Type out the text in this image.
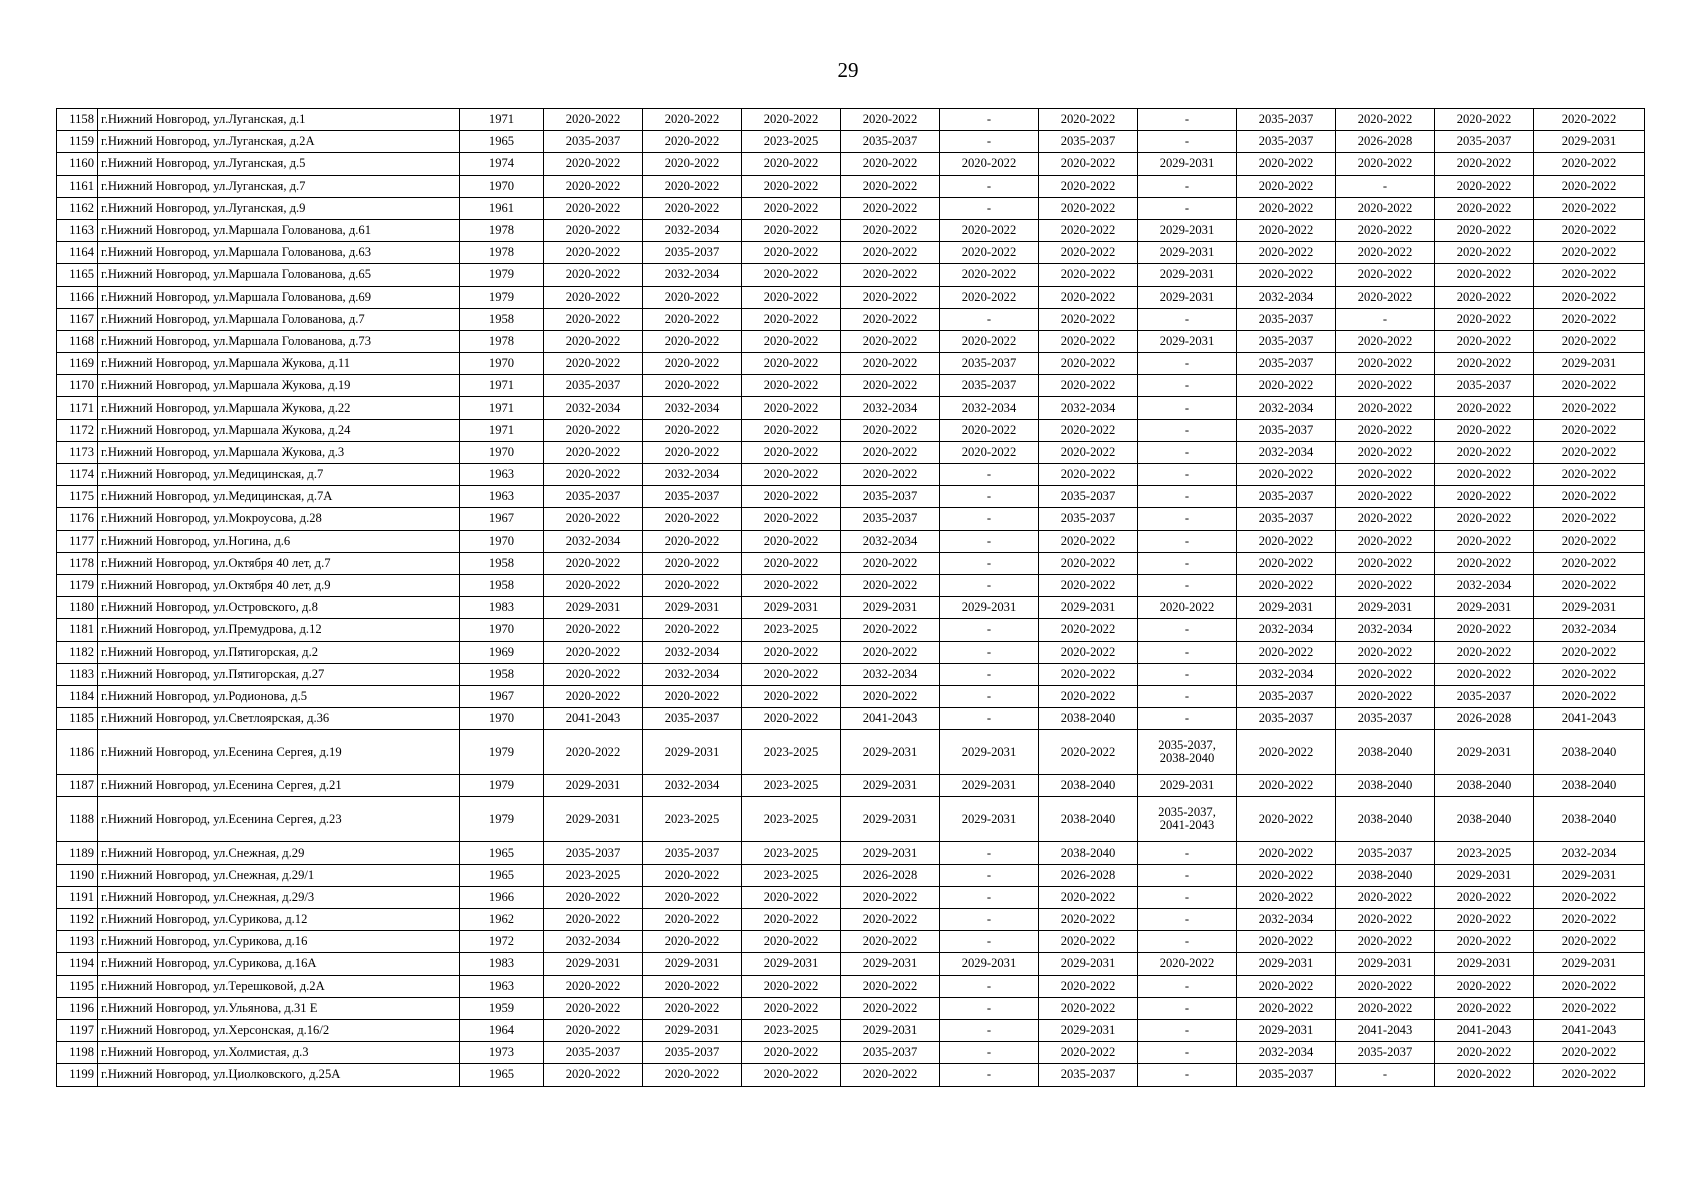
29
1158	г.Нижний Новгород, ул.Луганская, д.1	1971	2020-2022	2020-2022	2020-2022	2020-2022	-	2020-2022	-	2035-2037	2020-2022	2020-2022	2020-2022
1159	г.Нижний Новгород, ул.Луганская, д.2А	1965	2035-2037	2020-2022	2023-2025	2035-2037	-	2035-2037	-	2035-2037	2026-2028	2035-2037	2029-2031
1160	г.Нижний Новгород, ул.Луганская, д.5	1974	2020-2022	2020-2022	2020-2022	2020-2022	2020-2022	2020-2022	2029-2031	2020-2022	2020-2022	2020-2022	2020-2022
1161	г.Нижний Новгород, ул.Луганская, д.7	1970	2020-2022	2020-2022	2020-2022	2020-2022	-	2020-2022	-	2020-2022	-	2020-2022	2020-2022
1162	г.Нижний Новгород, ул.Луганская, д.9	1961	2020-2022	2020-2022	2020-2022	2020-2022	-	2020-2022	-	2020-2022	2020-2022	2020-2022	2020-2022
1163	г.Нижний Новгород, ул.Маршала Голованова, д.61	1978	2020-2022	2032-2034	2020-2022	2020-2022	2020-2022	2020-2022	2029-2031	2020-2022	2020-2022	2020-2022	2020-2022
1164	г.Нижний Новгород, ул.Маршала Голованова, д.63	1978	2020-2022	2035-2037	2020-2022	2020-2022	2020-2022	2020-2022	2029-2031	2020-2022	2020-2022	2020-2022	2020-2022
1165	г.Нижний Новгород, ул.Маршала Голованова, д.65	1979	2020-2022	2032-2034	2020-2022	2020-2022	2020-2022	2020-2022	2029-2031	2020-2022	2020-2022	2020-2022	2020-2022
1166	г.Нижний Новгород, ул.Маршала Голованова, д.69	1979	2020-2022	2020-2022	2020-2022	2020-2022	2020-2022	2020-2022	2029-2031	2032-2034	2020-2022	2020-2022	2020-2022
1167	г.Нижний Новгород, ул.Маршала Голованова, д.7	1958	2020-2022	2020-2022	2020-2022	2020-2022	-	2020-2022	-	2035-2037	-	2020-2022	2020-2022
1168	г.Нижний Новгород, ул.Маршала Голованова, д.73	1978	2020-2022	2020-2022	2020-2022	2020-2022	2020-2022	2020-2022	2029-2031	2035-2037	2020-2022	2020-2022	2020-2022
1169	г.Нижний Новгород, ул.Маршала Жукова, д.11	1970	2020-2022	2020-2022	2020-2022	2020-2022	2035-2037	2020-2022	-	2035-2037	2020-2022	2020-2022	2029-2031
1170	г.Нижний Новгород, ул.Маршала Жукова, д.19	1971	2035-2037	2020-2022	2020-2022	2020-2022	2035-2037	2020-2022	-	2020-2022	2020-2022	2035-2037	2020-2022
1171	г.Нижний Новгород, ул.Маршала Жукова, д.22	1971	2032-2034	2032-2034	2020-2022	2032-2034	2032-2034	2032-2034	-	2032-2034	2020-2022	2020-2022	2020-2022
1172	г.Нижний Новгород, ул.Маршала Жукова, д.24	1971	2020-2022	2020-2022	2020-2022	2020-2022	2020-2022	2020-2022	-	2035-2037	2020-2022	2020-2022	2020-2022
1173	г.Нижний Новгород, ул.Маршала Жукова, д.3	1970	2020-2022	2020-2022	2020-2022	2020-2022	2020-2022	2020-2022	-	2032-2034	2020-2022	2020-2022	2020-2022
1174	г.Нижний Новгород, ул.Медицинская, д.7	1963	2020-2022	2032-2034	2020-2022	2020-2022	-	2020-2022	-	2020-2022	2020-2022	2020-2022	2020-2022
1175	г.Нижний Новгород, ул.Медицинская, д.7А	1963	2035-2037	2035-2037	2020-2022	2035-2037	-	2035-2037	-	2035-2037	2020-2022	2020-2022	2020-2022
1176	г.Нижний Новгород, ул.Мокроусова, д.28	1967	2020-2022	2020-2022	2020-2022	2035-2037	-	2035-2037	-	2035-2037	2020-2022	2020-2022	2020-2022
1177	г.Нижний Новгород, ул.Ногина, д.6	1970	2032-2034	2020-2022	2020-2022	2032-2034	-	2020-2022	-	2020-2022	2020-2022	2020-2022	2020-2022
1178	г.Нижний Новгород, ул.Октября 40 лет, д.7	1958	2020-2022	2020-2022	2020-2022	2020-2022	-	2020-2022	-	2020-2022	2020-2022	2020-2022	2020-2022
1179	г.Нижний Новгород, ул.Октября 40 лет, д.9	1958	2020-2022	2020-2022	2020-2022	2020-2022	-	2020-2022	-	2020-2022	2020-2022	2032-2034	2020-2022
1180	г.Нижний Новгород, ул.Островского, д.8	1983	2029-2031	2029-2031	2029-2031	2029-2031	2029-2031	2029-2031	2020-2022	2029-2031	2029-2031	2029-2031	2029-2031
1181	г.Нижний Новгород, ул.Премудрова, д.12	1970	2020-2022	2020-2022	2023-2025	2020-2022	-	2020-2022	-	2032-2034	2032-2034	2020-2022	2032-2034
1182	г.Нижний Новгород, ул.Пятигорская, д.2	1969	2020-2022	2032-2034	2020-2022	2020-2022	-	2020-2022	-	2020-2022	2020-2022	2020-2022	2020-2022
1183	г.Нижний Новгород, ул.Пятигорская, д.27	1958	2020-2022	2032-2034	2020-2022	2032-2034	-	2020-2022	-	2032-2034	2020-2022	2020-2022	2020-2022
1184	г.Нижний Новгород, ул.Родионова, д.5	1967	2020-2022	2020-2022	2020-2022	2020-2022	-	2020-2022	-	2035-2037	2020-2022	2035-2037	2020-2022
1185	г.Нижний Новгород, ул.Светлоярская, д.36	1970	2041-2043	2035-2037	2020-2022	2041-2043	-	2038-2040	-	2035-2037	2035-2037	2026-2028	2041-2043
1186	г.Нижний Новгород, ул.Есенина Сергея, д.19	1979	2020-2022	2029-2031	2023-2025	2029-2031	2029-2031	2020-2022	2035-2037,
2038-2040	2020-2022	2038-2040	2029-2031	2038-2040
1187	г.Нижний Новгород, ул.Есенина Сергея, д.21	1979	2029-2031	2032-2034	2023-2025	2029-2031	2029-2031	2038-2040	2029-2031	2020-2022	2038-2040	2038-2040	2038-2040
1188	г.Нижний Новгород, ул.Есенина Сергея, д.23	1979	2029-2031	2023-2025	2023-2025	2029-2031	2029-2031	2038-2040	2035-2037,
2041-2043	2020-2022	2038-2040	2038-2040	2038-2040
1189	г.Нижний Новгород, ул.Снежная, д.29	1965	2035-2037	2035-2037	2023-2025	2029-2031	-	2038-2040	-	2020-2022	2035-2037	2023-2025	2032-2034
1190	г.Нижний Новгород, ул.Снежная, д.29/1	1965	2023-2025	2020-2022	2023-2025	2026-2028	-	2026-2028	-	2020-2022	2038-2040	2029-2031	2029-2031
1191	г.Нижний Новгород, ул.Снежная, д.29/3	1966	2020-2022	2020-2022	2020-2022	2020-2022	-	2020-2022	-	2020-2022	2020-2022	2020-2022	2020-2022
1192	г.Нижний Новгород, ул.Сурикова, д.12	1962	2020-2022	2020-2022	2020-2022	2020-2022	-	2020-2022	-	2032-2034	2020-2022	2020-2022	2020-2022
1193	г.Нижний Новгород, ул.Сурикова, д.16	1972	2032-2034	2020-2022	2020-2022	2020-2022	-	2020-2022	-	2020-2022	2020-2022	2020-2022	2020-2022
1194	г.Нижний Новгород, ул.Сурикова, д.16А	1983	2029-2031	2029-2031	2029-2031	2029-2031	2029-2031	2029-2031	2020-2022	2029-2031	2029-2031	2029-2031	2029-2031
1195	г.Нижний Новгород, ул.Терешковой, д.2А	1963	2020-2022	2020-2022	2020-2022	2020-2022	-	2020-2022	-	2020-2022	2020-2022	2020-2022	2020-2022
1196	г.Нижний Новгород, ул.Ульянова, д.31 Е	1959	2020-2022	2020-2022	2020-2022	2020-2022	-	2020-2022	-	2020-2022	2020-2022	2020-2022	2020-2022
1197	г.Нижний Новгород, ул.Херсонская, д.16/2	1964	2020-2022	2029-2031	2023-2025	2029-2031	-	2029-2031	-	2029-2031	2041-2043	2041-2043	2041-2043
1198	г.Нижний Новгород, ул.Холмистая, д.3	1973	2035-2037	2035-2037	2020-2022	2035-2037	-	2020-2022	-	2032-2034	2035-2037	2020-2022	2020-2022
1199	г.Нижний Новгород, ул.Циолковского, д.25А	1965	2020-2022	2020-2022	2020-2022	2020-2022	-	2035-2037	-	2035-2037	-	2020-2022	2020-2022
